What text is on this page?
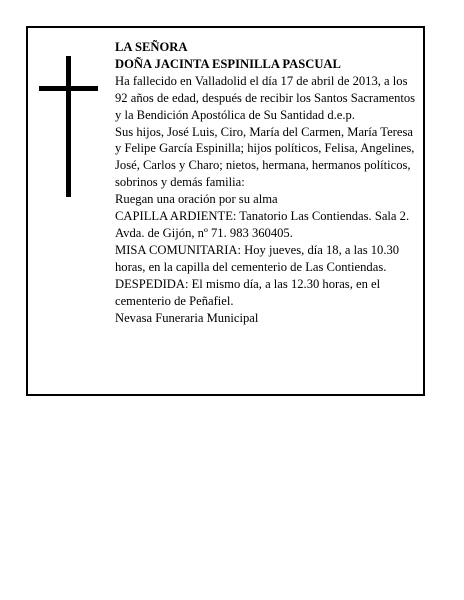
LA SEÑORA

DOÑA JACINTA ESPINILLA PASCUAL

Ha fallecido en Valladolid el día 17 de abril de 2013, a los 92 años de edad, después de recibir los Santos Sacramentos y la Bendición Apostólica de Su Santidad d.e.p.

Sus hijos, José Luis, Ciro, María del Carmen, María Teresa y Felipe García Espinilla; hijos políticos, Felisa, Angelines, José, Carlos y Charo; nietos, hermana, hermanos políticos, sobrinos y demás familia:

Ruegan una oración por su alma

CAPILLA ARDIENTE: Tanatorio Las Contiendas. Sala 2. Avda. de Gijón, nº 71. 983 360405.

MISA COMUNITARIA: Hoy jueves, día 18, a las 10.30 horas, en la capilla del cementerio de Las Contiendas. DESPEDIDA: El mismo día, a las 12.30 horas, en el cementerio de Peñafiel.

Nevasa Funeraria Municipal
